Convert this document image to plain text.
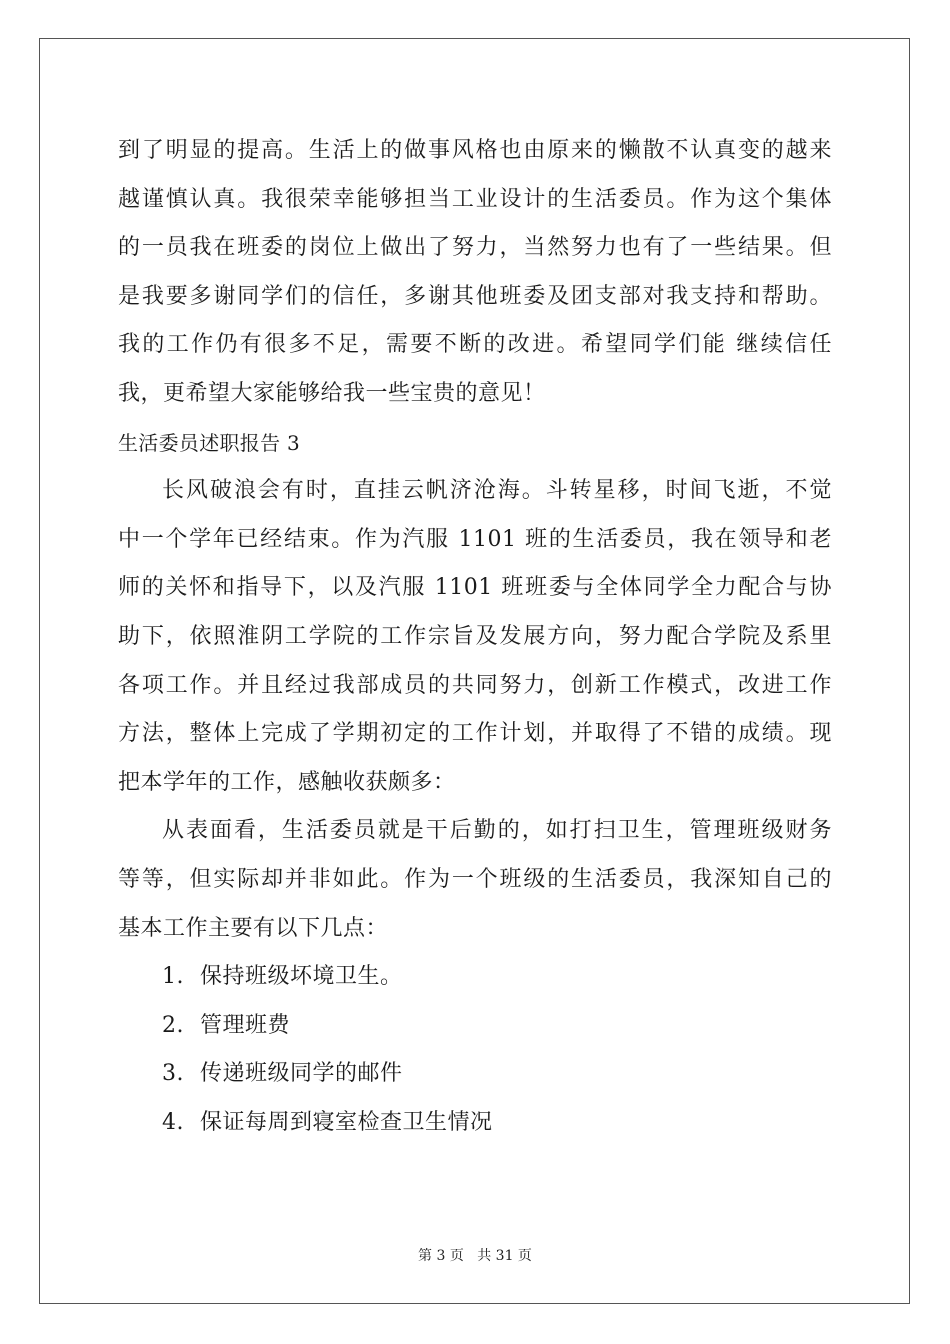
到了明显的提高。生活上的做事风格也由原来的懒散不认真变的越来
越谨慎认真。我很荣幸能够担当工业设计的生活委员。作为这个集体
的一员我在班委的岗位上做出了努力，当然努力也有了一些结果。但
是我要多谢同学们的信任，多谢其他班委及团支部对我支持和帮助。
我的工作仍有很多不足，需要不断的改进。希望同学们能 继续信任
我，更希望大家能够给我一些宝贵的意见！
生活委员述职报告 3
长风破浪会有时，直挂云帆济沧海。斗转星移，时间飞逝，不觉
中一个学年已经结束。作为汽服 1101 班的生活委员，我在领导和老
师的关怀和指导下，以及汽服 1101 班班委与全体同学全力配合与协
助下，依照淮阴工学院的工作宗旨及发展方向，努力配合学院及系里
各项工作。并且经过我部成员的共同努力，创新工作模式，改进工作
方法，整体上完成了学期初定的工作计划，并取得了不错的成绩。现
把本学年的工作，感触收获颇多：
从表面看，生活委员就是干后勤的，如打扫卫生，管理班级财务
等等，但实际却并非如此。作为一个班级的生活委员，我深知自己的
基本工作主要有以下几点：
1. 保持班级坏境卫生。
2. 管理班费
3. 传递班级同学的邮件
4. 保证每周到寝室检查卫生情况
第 3 页 共 31 页
